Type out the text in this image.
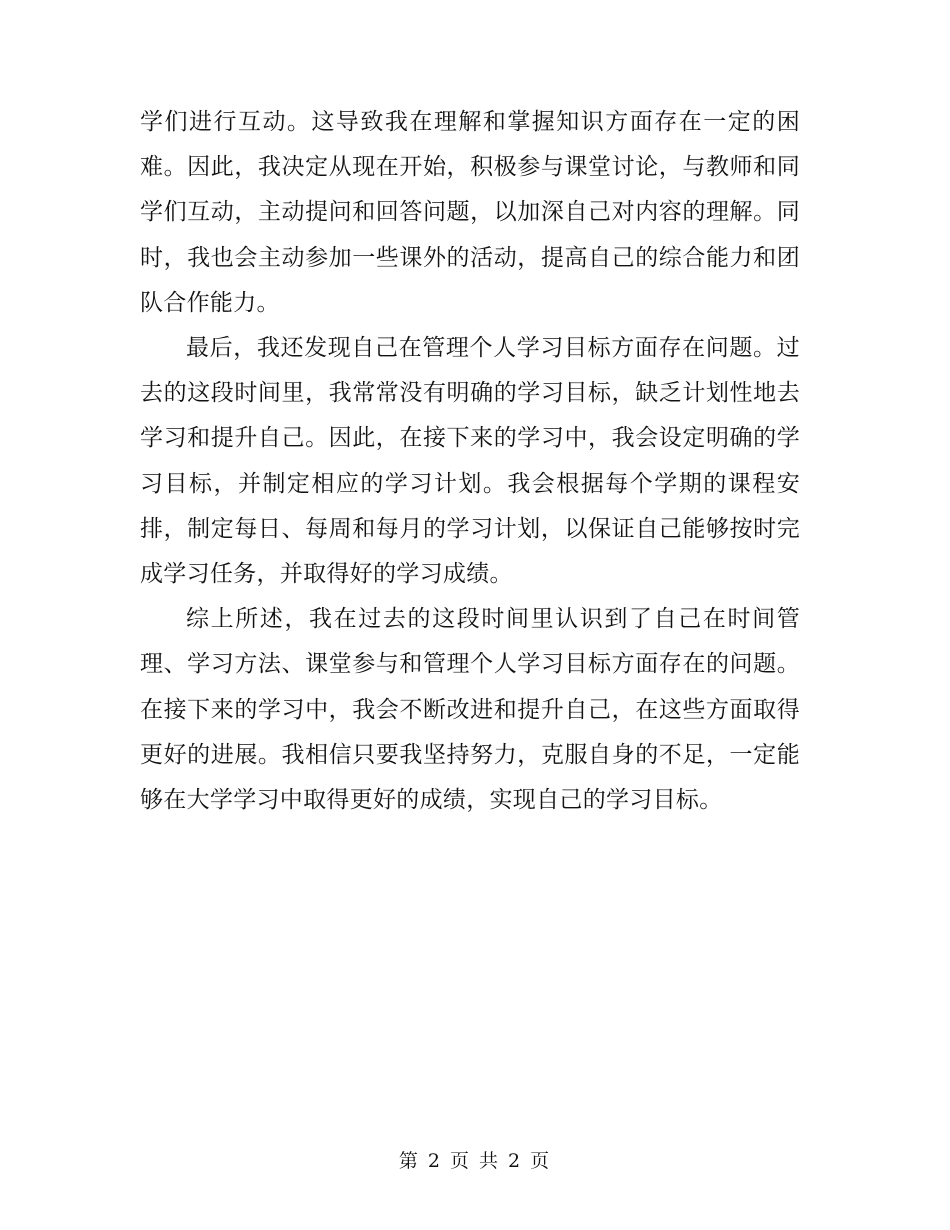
学们进行互动。这导致我在理解和掌握知识方面存在一定的困难。因此，我决定从现在开始，积极参与课堂讨论，与教师和同学们互动，主动提问和回答问题，以加深自己对内容的理解。同时，我也会主动参加一些课外的活动，提高自己的综合能力和团队合作能力。

最后，我还发现自己在管理个人学习目标方面存在问题。过去的这段时间里，我常常没有明确的学习目标，缺乏计划性地去学习和提升自己。因此，在接下来的学习中，我会设定明确的学习目标，并制定相应的学习计划。我会根据每个学期的课程安排，制定每日、每周和每月的学习计划，以保证自己能够按时完成学习任务，并取得好的学习成绩。

综上所述，我在过去的这段时间里认识到了自己在时间管理、学习方法、课堂参与和管理个人学习目标方面存在的问题。在接下来的学习中，我会不断改进和提升自己，在这些方面取得更好的进展。我相信只要我坚持努力，克服自身的不足，一定能够在大学学习中取得更好的成绩，实现自己的学习目标。

第 2 页 共 2 页
